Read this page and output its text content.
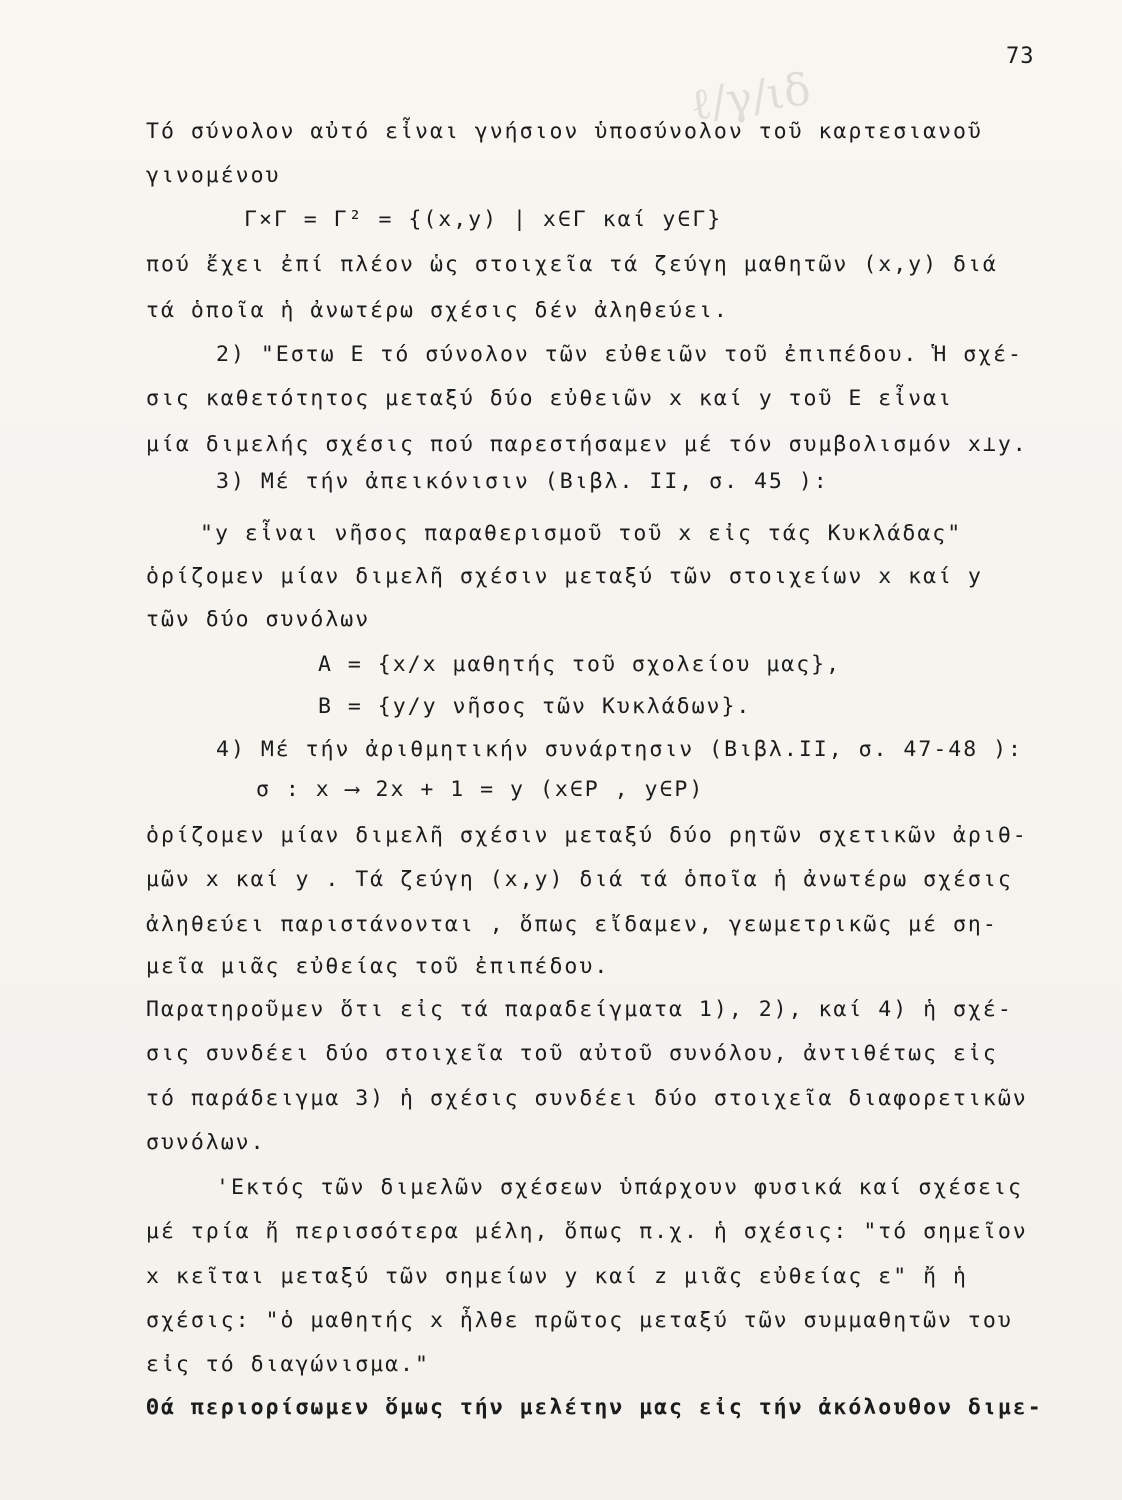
ℓ/γ/ιδ
73
Τό σύνολον αὐτό εἶναι γνήσιον ὑποσύνολον τοῦ καρτεσιανοῦ
γινομένου
Γ×Γ = Γ² = {(x,y) | x∈Γ καί y∈Γ}
πού ἔχει ἐπί πλέον ὡς στοιχεῖα τά ζεύγη μαθητῶν (x,y) διά
τά ὁποῖα ἡ ἀνωτέρω σχέσις δέν ἀληθεύει.
2) "Εστω Ε τό σύνολον τῶν εὐθειῶν τοῦ ἐπιπέδου. Ἡ σχέ-
σις καθετότητος μεταξύ δύο εὐθειῶν x καί y τοῦ Ε εἶναι
μία διμελής σχέσις πού παρεστήσαμεν μέ τόν συμβολισμόν x⊥y.
3) Μέ τήν ἀπεικόνισιν (Βιβλ. ΙΙ, σ. 45 ):
"y εἶναι νῆσος παραθερισμοῦ τοῦ x εἰς τάς Κυκλάδας"
ὁρίζομεν μίαν διμελῆ σχέσιν μεταξύ τῶν στοιχείων x καί y
τῶν δύο συνόλων
Α = {x/x μαθητής τοῦ σχολείου μας},
Β = {y/y νῆσος τῶν Κυκλάδων}.
4) Μέ τήν ἀριθμητικήν συνάρτησιν (Βιβλ.ΙΙ, σ. 47-48 ):
σ : x ⟶ 2x + 1 = y (x∈P , y∈P)
ὁρίζομεν μίαν διμελῆ σχέσιν μεταξύ δύο ρητῶν σχετικῶν ἀριθ-
μῶν x καί y . Τά ζεύγη (x,y) διά τά ὁποῖα ἡ ἀνωτέρω σχέσις
ἀληθεύει παριστάνονται , ὅπως εἴδαμεν, γεωμετρικῶς μέ ση-
μεῖα μιᾶς εὐθείας τοῦ ἐπιπέδου.
Παρατηροῦμεν ὅτι εἰς τά παραδείγματα 1), 2), καί 4) ἡ σχέ-
σις συνδέει δύο στοιχεῖα τοῦ αὐτοῦ συνόλου, ἀντιθέτως εἰς
τό παράδειγμα 3) ἡ σχέσις συνδέει δύο στοιχεῖα διαφορετικῶν
συνόλων.
'Εκτός τῶν διμελῶν σχέσεων ὑπάρχουν φυσικά καί σχέσεις
μέ τρία ἤ περισσότερα μέλη, ὅπως π.χ. ἡ σχέσις: "τό σημεῖον
x κεῖται μεταξύ τῶν σημείων y καί z μιᾶς εὐθείας ε" ἤ ἡ
σχέσις: "ὁ μαθητής x ἦλθε πρῶτος μεταξύ τῶν συμμαθητῶν του
εἰς τό διαγώνισμα."
Θά περιορίσωμεν ὅμως τήν μελέτην μας εἰς τήν ἀκόλουθον διμε-
